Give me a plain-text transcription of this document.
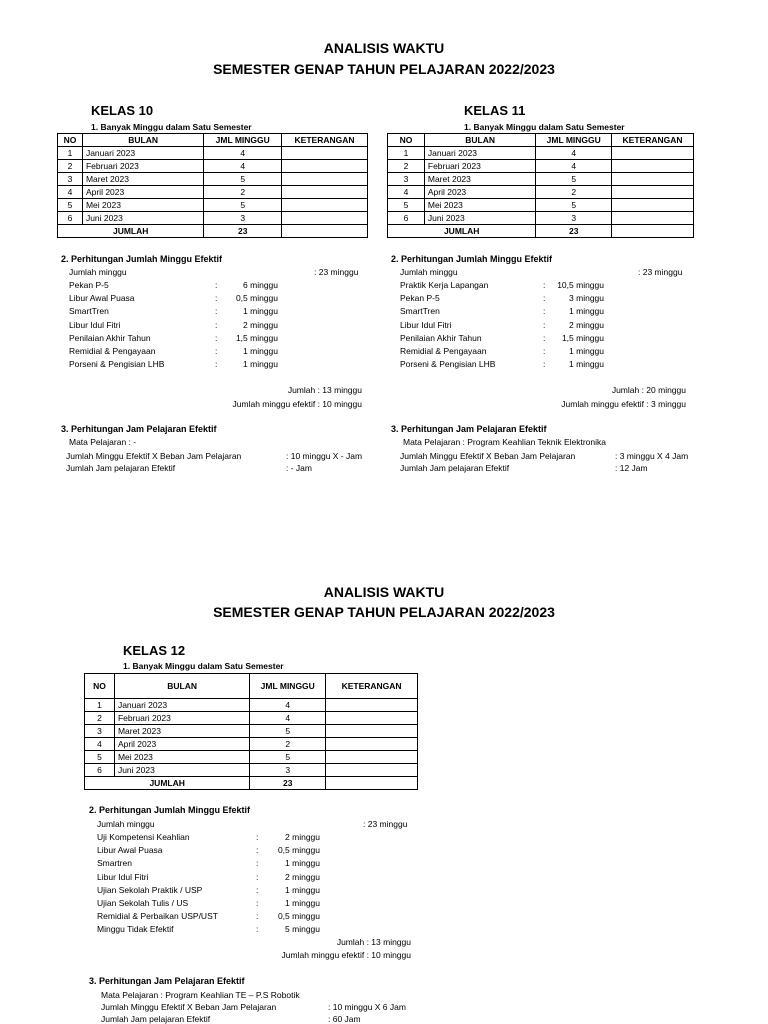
ANALISIS WAKTU
SEMESTER GENAP TAHUN PELAJARAN 2022/2023
KELAS 10
1. Banyak Minggu dalam Satu Semester
NO	BULAN	JML MINGGU	KETERANGAN
1	Januari 2023	4	
2	Februari 2023	4	
3	Maret 2023	5	
4	April 2023	2	
5	Mei 2023	5	
6	Juni 2023	3	
JUMLAH		23	
2. Perhitungan Jumlah Minggu Efektif
Jumlah minggu	: 23 minggu
Pekan P-5	:	6 minggu
Libur Awal Puasa	:	0,5 minggu
SmartTren	:	1 minggu
Libur Idul Fitri	:	2 minggu
Penilaian Akhir Tahun	:	1,5 minggu
Remidial & Pengayaan	:	1 minggu
Porseni & Pengisian LHB	:	1 minggu
Jumlah : 13 minggu
Jumlah minggu efektif : 10 minggu
3. Perhitungan Jam Pelajaran Efektif
Mata Pelajaran : -
Jumlah Minggu Efektif X Beban Jam Pelajaran	: 10 minggu X - Jam
Jumlah Jam pelajaran Efektif	: - Jam
KELAS 11
1. Banyak Minggu dalam Satu Semester
NO	BULAN	JML MINGGU	KETERANGAN
1	Januari 2023	4	
2	Februari 2023	4	
3	Maret 2023	5	
4	April 2023	2	
5	Mei 2023	5	
6	Juni 2023	3	
JUMLAH		23	
2. Perhitungan Jumlah Minggu Efektif
Jumlah minggu	: 23 minggu
Praktik Kerja Lapangan	:	10,5 minggu
Pekan P-5	:	3 minggu
SmartTren	:	1 minggu
Libur Idul Fitri	:	2 minggu
Penilaian Akhir Tahun	:	1,5 minggu
Remidial & Pengayaan	:	1 minggu
Porseni & Pengisian LHB	:	1 minggu
Jumlah : 20 minggu
Jumlah minggu efektif : 3 minggu
3. Perhitungan Jam Pelajaran Efektif
Mata Pelajaran : Program Keahlian Teknik Elektronika
Jumlah Minggu Efektif X Beban Jam Pelajaran	: 3 minggu X 4 Jam
Jumlah Jam pelajaran Efektif	: 12 Jam
ANALISIS WAKTU
SEMESTER GENAP TAHUN PELAJARAN 2022/2023
KELAS 12
1. Banyak Minggu dalam Satu Semester
NO	BULAN	JML MINGGU	KETERANGAN
1	Januari 2023	4	
2	Februari 2023	4	
3	Maret 2023	5	
4	April 2023	2	
5	Mei 2023	5	
6	Juni 2023	3	
JUMLAH		23	
2. Perhitungan Jumlah Minggu Efektif
Jumlah minggu	: 23 minggu
Uji Kompetensi Keahlian	:	2 minggu
Libur Awal Puasa	:	0,5 minggu
Smartren	:	1 minggu
Libur Idul Fitri	:	2 minggu
Ujian Sekolah Praktik / USP	:	1 minggu
Ujian Sekolah Tulis / US	:	1 minggu
Remidial & Perbaikan USP/UST	:	0,5 minggu
Minggu Tidak Efektif	:	5 minggu
Jumlah : 13 minggu
Jumlah minggu efektif : 10 minggu
3. Perhitungan Jam Pelajaran Efektif
Mata Pelajaran : Program Keahlian TE – P.S Robotik
Jumlah Minggu Efektif X Beban Jam Pelajaran	: 10 minggu X 6 Jam
Jumlah Jam pelajaran Efektif	: 60 Jam
